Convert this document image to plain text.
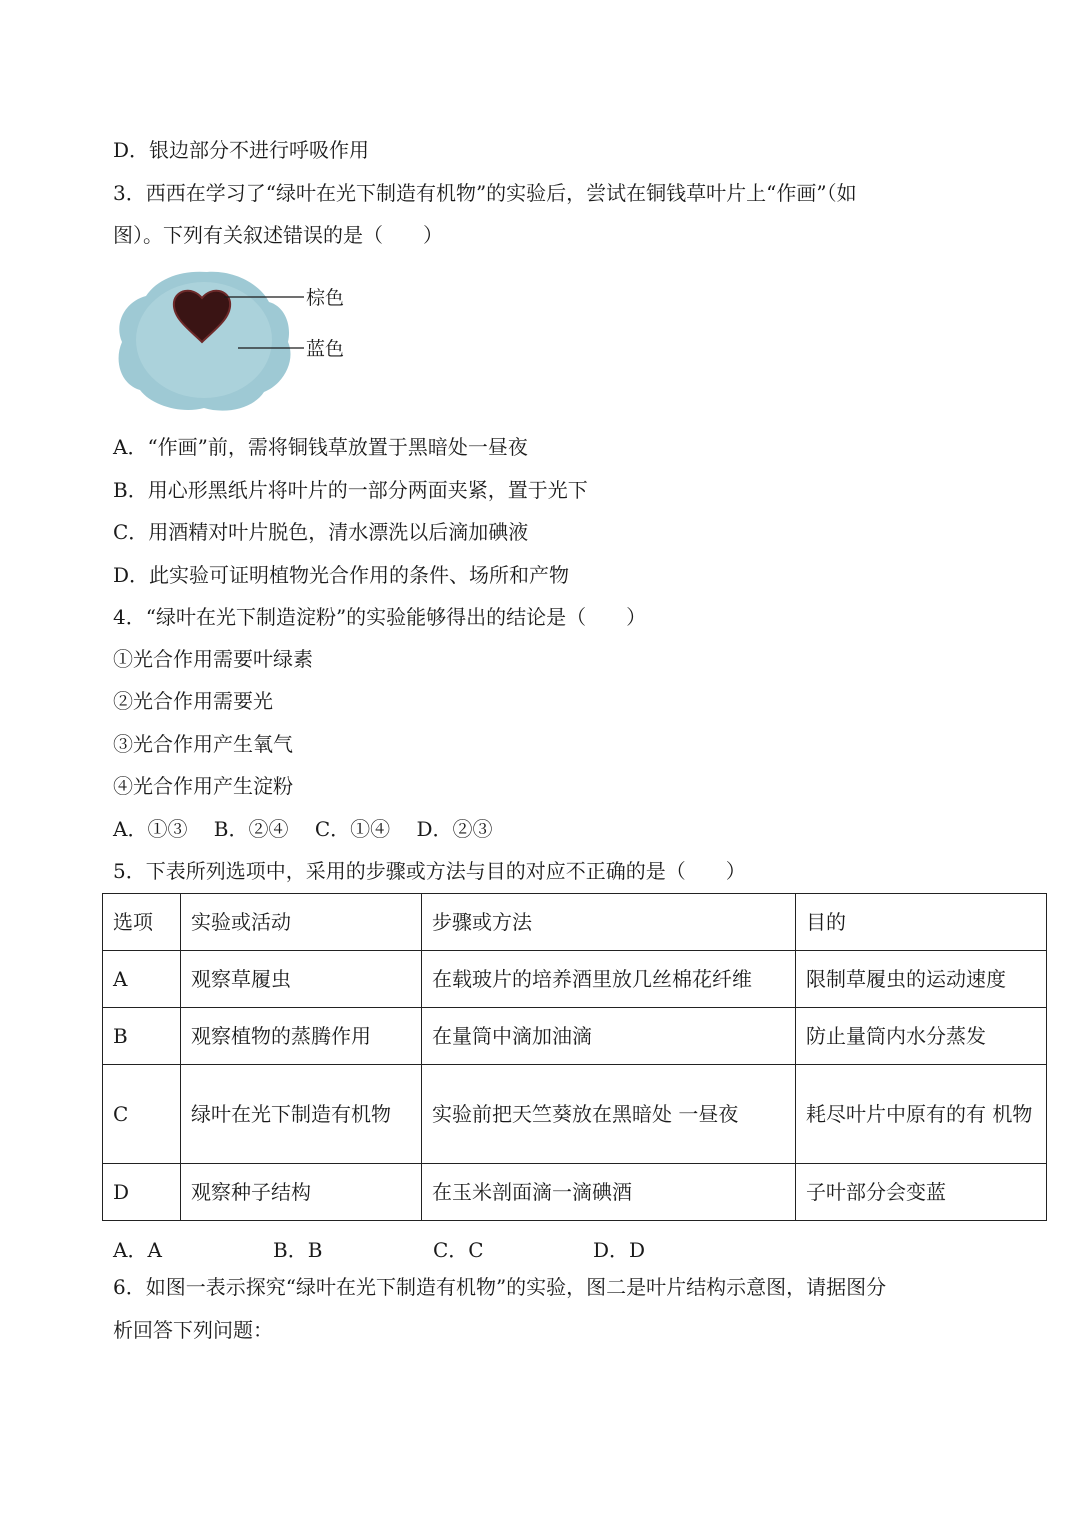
D．银边部分不进行呼吸作用
3．西西在学习了“绿叶在光下制造有机物”的实验后，尝试在铜钱草叶片上“作画”（如
图）。下列有关叙述错误的是（　　）
棕色
蓝色
A．“作画”前，需将铜钱草放置于黑暗处一昼夜
B．用心形黑纸片将叶片的一部分两面夹紧，置于光下
C．用酒精对叶片脱色，清水漂洗以后滴加碘液
D．此实验可证明植物光合作用的条件、场所和产物
4．“绿叶在光下制造淀粉”的实验能够得出的结论是（　　）
①光合作用需要叶绿素
②光合作用需要光
③光合作用产生氧气
④光合作用产生淀粉
A．①③　 B．②④　 C．①④　 D．②③
5．下表所列选项中，采用的步骤或方法与目的对应不正确的是（　　）
选项	实验或活动	步骤或方法	目的
A	观察草履虫	在载玻片的培养酒里放几丝棉花纤维	限制草履虫的运动速度
B	观察植物的蒸腾作用	在量筒中滴加油滴	防止量筒内水分蒸发
C	绿叶在光下制造有机物	实验前把天竺葵放在黑暗处 一昼夜	耗尽叶片中原有的有 机物
D	观察种子结构	在玉米剖面滴一滴碘酒	子叶部分会变蓝
A．A	B．B	C．C	D．D
6．如图一表示探究“绿叶在光下制造有机物”的实验，图二是叶片结构示意图，请据图分
析回答下列问题：
